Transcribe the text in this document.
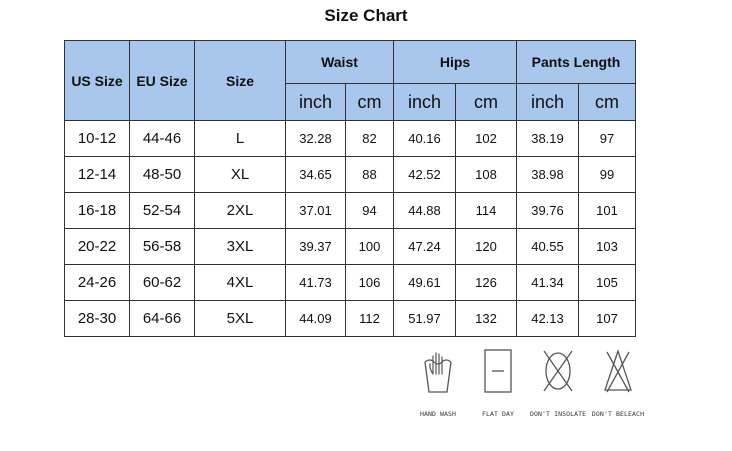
Size Chart
US Size	EU Size	Size	Waist		Hips		Pants Length	
			inch	cm	inch	cm	inch	cm
10-12	44-46	L	32.28	82	40.16	102	38.19	97
12-14	48-50	XL	34.65	88	42.52	108	38.98	99
16-18	52-54	2XL	37.01	94	44.88	114	39.76	101
20-22	56-58	3XL	39.37	100	47.24	120	40.55	103
24-26	60-62	4XL	41.73	106	49.61	126	41.34	105
28-30	64-66	5XL	44.09	112	51.97	132	42.13	107
HAND WASH	FLAT DAY	DON'T INSOLATE DON'T BELEACH
